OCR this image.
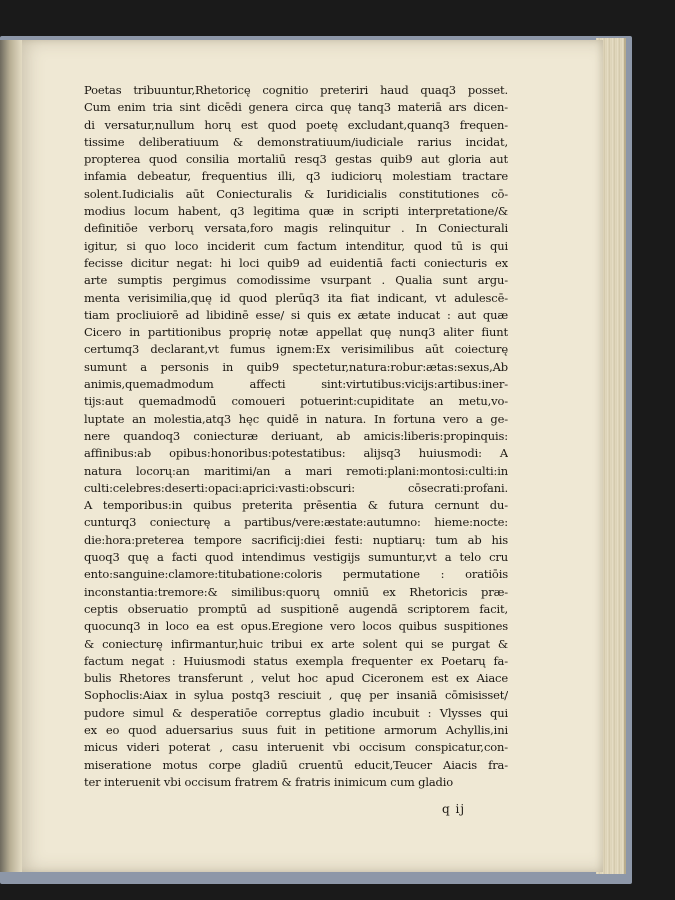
Poetas tribuuntur,Rhetoricę cognitio preteriri haud quaq3 posset.
Cum enim tria sint dicēdi genera circa quę tanq3 materiā ars dicen-
di versatur,nullum horų est quod poetę excludant,quanq3 frequen-
tissime deliberatiuum & demonstratiuum/iudiciale rarius incidat,
propterea quod consilia mortaliū resq3 gestas quib9 aut gloria aut
infamia debeatur, frequentius illi, q3 iudiciorų molestiam tractare
solent.Iudicialis aūt Coniecturalis & Iuridicialis constitutiones cō-
modius locum habent, q3 legitima quæ in scripti interpretatione/&
definitiōe verborų versata,foro magis relinquitur . In Coniecturali
igitur, si quo loco inciderit cum factum intenditur, quod tū is qui
fecisse dicitur negat: hi loci quib9 ad euidentiā facti coniecturis ex
arte sumptis pergimus comodissime vsurpant . Qualia sunt argu-
menta verisimilia,quę id quod plerūq3 ita fiat indicant, vt adulescē-
tiam procliuiorē ad libidinē esse/ si quis ex ætate inducat : aut quæ
Cicero in partitionibus proprię notæ appellat quę nunq3 aliter fiunt
certumq3 declarant,vt fumus ignem:Ex verisimilibus aūt coiecturę
sumunt a personis in quib9 spectetur,natura:robur:ætas:sexus,Ab
animis,quemadmodum affecti sint:virtutibus:vicijs:artibus:iner-
tijs:aut quemadmodū comoueri potuerint:cupiditate an metu,vo-
luptate an molestia,atq3 hęc quidē in natura. In fortuna vero a ge-
nere quandoq3 coniecturæ deriuant, ab amicis:liberis:propinquis:
affinibus:ab opibus:honoribus:potestatibus: alijsq3 huiusmodi: A
natura locorų:an maritimi/an a mari remoti:plani:montosi:culti:in
culti:celebres:deserti:opaci:aprici:vasti:obscuri: cōsecrati:profani.
A temporibus:in quibus preterita prēsentia & futura cernunt du-
cunturq3 coniecturę a partibus/vere:æstate:autumno: hieme:nocte:
die:hora:preterea tempore sacrificij:diei festi: nuptiarų: tum ab his
quoq3 quę a facti quod intendimus vestigijs sumuntur,vt a telo cru
ento:sanguine:clamore:titubatione:coloris permutatione : oratiōis
inconstantia:tremore:& similibus:quorų omniū ex Rhetoricis præ-
ceptis obseruatio promptū ad suspitionē augendā scriptorem facit,
quocunq3 in loco ea est opus.Eregione vero locos quibus suspitiones
& coniecturę infirmantur,huic tribui ex arte solent qui se purgat &
factum negat : Huiusmodi status exempla frequenter ex Poetarų fa-
bulis Rhetores transferunt , velut hoc apud Ciceronem est ex Aiace
Sophoclis:Aiax in sylua postq3 resciuit , quę per insaniā cōmisisset/
pudore simul & desperatiōe correptus gladio incubuit : Vlysses qui
ex eo quod aduersarius suus fuit in petitione armorum Achyllis,ini
micus videri poterat , casu interuenit vbi occisum conspicatur,con-
miseratione motus corpe gladiū cruentū educit,Teucer Aiacis fra-
ter interuenit vbi occisum fratrem & fratris inimicum cum gladio
q ij
